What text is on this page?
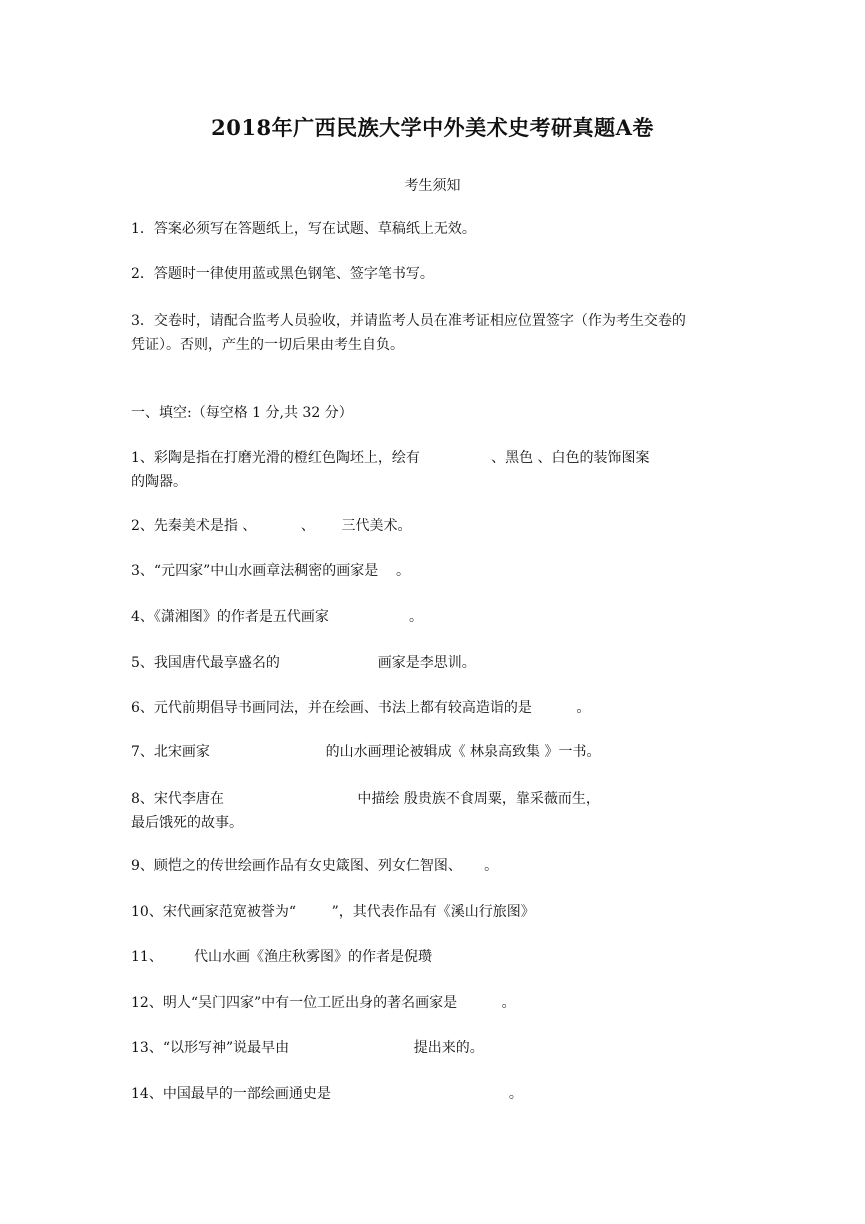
2018年广西民族大学中外美术史考研真题A卷
考生须知
1．答案必须写在答题纸上，写在试题、草稿纸上无效。
2．答题时一律使用蓝或黑色钢笔、签字笔书写。
3．交卷时，请配合监考人员验收，并请监考人员在准考证相应位置签字（作为考生交卷的
凭证）。否则，产生的一切后果由考生自负。
一、填空:（每空格 1 分,共 32 分）
1、彩陶是指在打磨光滑的橙红色陶坯上，绘有                、黑色 、白色的装饰图案
的陶器。
2、先秦美术是指 、          、      三代美术。
3、“元四家”中山水画章法稠密的画家是    。
4、《潇湘图》的作者是五代画家                  。
5、我国唐代最享盛名的                      画家是李思训。
6、元代前期倡导书画同法，并在绘画、书法上都有较高造诣的是          。
7、北宋画家                          的山水画理论被辑成《 林泉高致集 》一书。
8、宋代李唐在                              中描绘 殷贵族不食周粟，靠采薇而生，
最后饿死的故事。
9、顾恺之的传世绘画作品有女史箴图、列女仁智图、     。
10、宋代画家范宽被誉为“        ”，其代表作品有《溪山行旅图》
11、       代山水画《渔庄秋雾图》的作者是倪瓒
12、明人“吴门四家”中有一位工匠出身的著名画家是          。
13、“以形写神”说最早由                            提出来的。
14、中国最早的一部绘画通史是                                        。
